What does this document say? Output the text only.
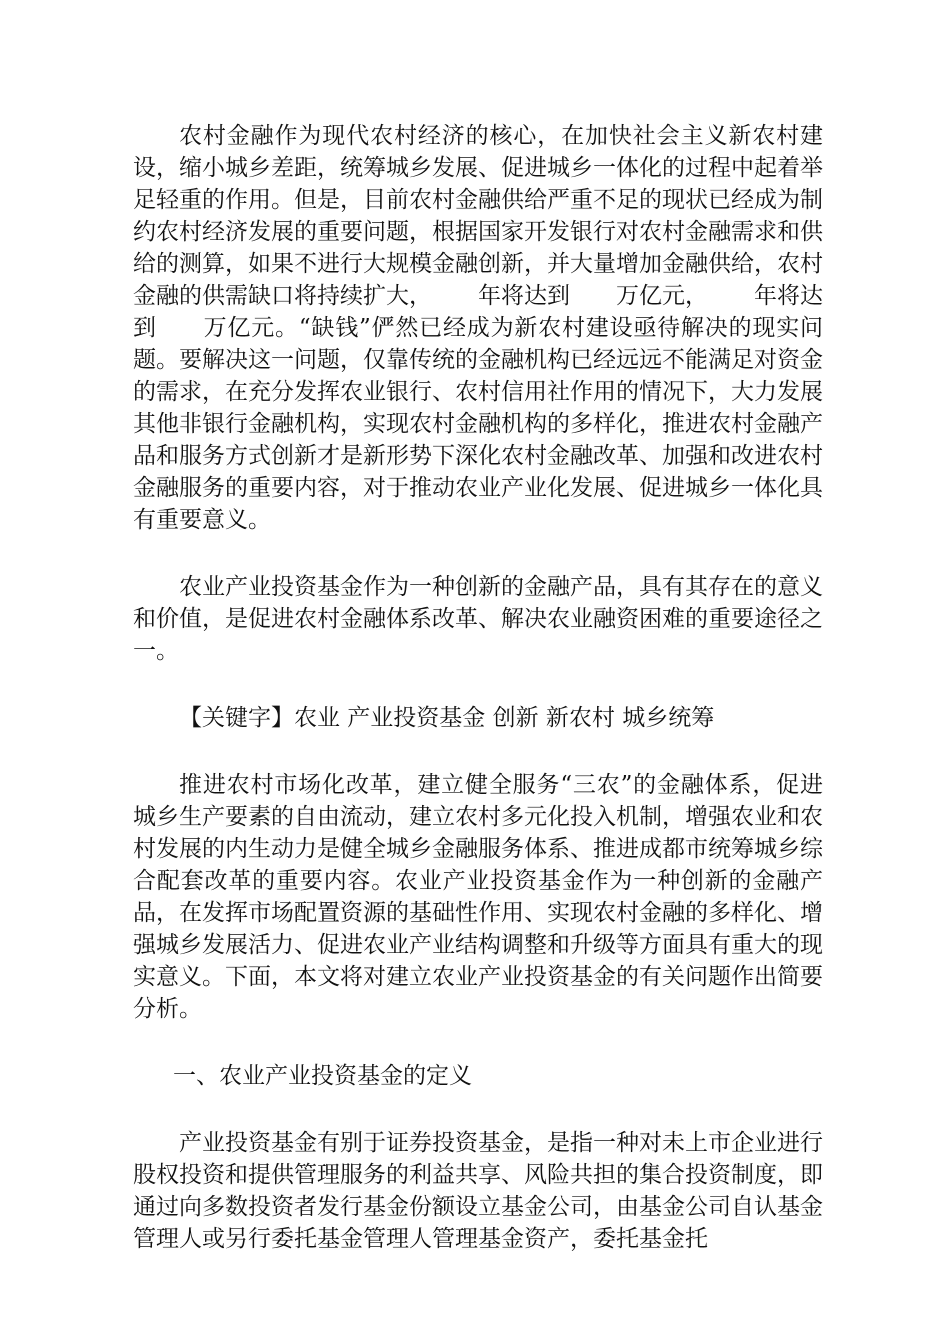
农村金融作为现代农村经济的核心，在加快社会主义新农村建设，缩小城乡差距，统筹城乡发展、促进城乡一体化的过程中起着举足轻重的作用。但是，目前农村金融供给严重不足的现状已经成为制约农村经济发展的重要问题，根据国家开发银行对农村金融需求和供给的测算，如果不进行大规模金融创新，并大量增加金融供给，农村金融的供需缺口将持续扩大， 年将达到 万亿元， 年将达到 万亿元。“缺钱”俨然已经成为新农村建设亟待解决的现实问题。要解决这一问题，仅靠传统的金融机构已经远远不能满足对资金的需求，在充分发挥农业银行、农村信用社作用的情况下，大力发展其他非银行金融机构，实现农村金融机构的多样化，推进农村金融产品和服务方式创新才是新形势下深化农村金融改革、加强和改进农村金融服务的重要内容，对于推动农业产业化发展、促进城乡一体化具有重要意义。

农业产业投资基金作为一种创新的金融产品，具有其存在的意义和价值，是促进农村金融体系改革、解决农业融资困难的重要途径之一。

【关键字】农业 产业投资基金 创新 新农村 城乡统筹

推进农村市场化改革，建立健全服务“三农”的金融体系，促进城乡生产要素的自由流动，建立农村多元化投入机制，增强农业和农村发展的内生动力是健全城乡金融服务体系、推进成都市统筹城乡综合配套改革的重要内容。农业产业投资基金作为一种创新的金融产品，在发挥市场配置资源的基础性作用、实现农村金融的多样化、增强城乡发展活力、促进农业产业结构调整和升级等方面具有重大的现实意义。下面，本文将对建立农业产业投资基金的有关问题作出简要分析。

一、农业产业投资基金的定义

产业投资基金有别于证券投资基金，是指一种对未上市企业进行股权投资和提供管理服务的利益共享、风险共担的集合投资制度，即通过向多数投资者发行基金份额设立基金公司，由基金公司自认基金管理人或另行委托基金管理人管理基金资产，委托基金托
